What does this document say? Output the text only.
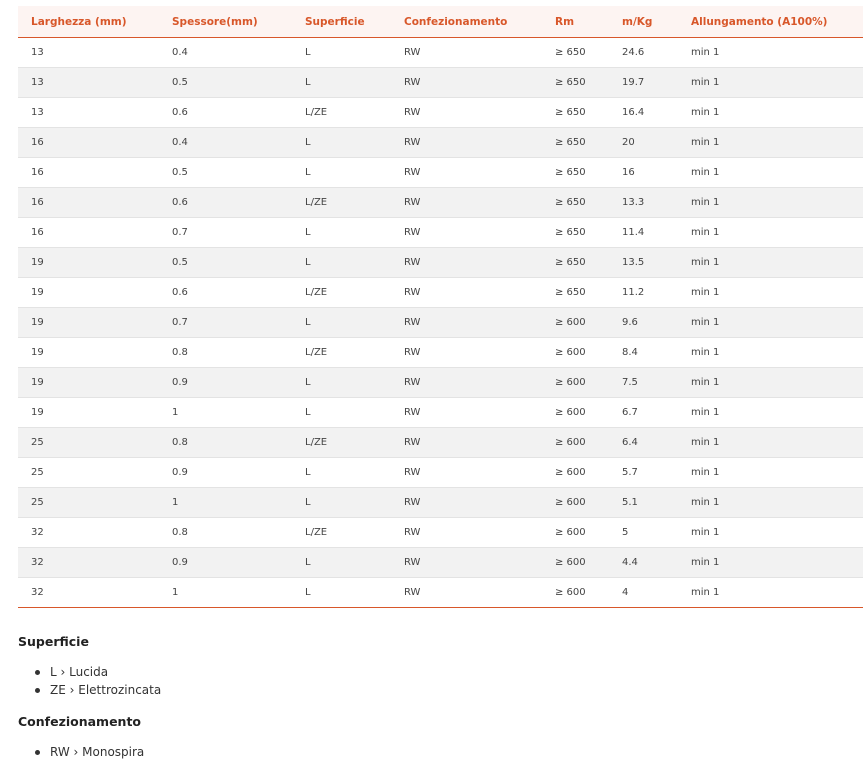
Larghezza (mm)	Spessore(mm)	Superficie	Confezionamento	Rm	m/Kg	Allungamento (A100%)
13	0.4	L	RW	≥ 650	24.6	min 1
13	0.5	L	RW	≥ 650	19.7	min 1
13	0.6	L/ZE	RW	≥ 650	16.4	min 1
16	0.4	L	RW	≥ 650	20	min 1
16	0.5	L	RW	≥ 650	16	min 1
16	0.6	L/ZE	RW	≥ 650	13.3	min 1
16	0.7	L	RW	≥ 650	11.4	min 1
19	0.5	L	RW	≥ 650	13.5	min 1
19	0.6	L/ZE	RW	≥ 650	11.2	min 1
19	0.7	L	RW	≥ 600	9.6	min 1
19	0.8	L/ZE	RW	≥ 600	8.4	min 1
19	0.9	L	RW	≥ 600	7.5	min 1
19	1	L	RW	≥ 600	6.7	min 1
25	0.8	L/ZE	RW	≥ 600	6.4	min 1
25	0.9	L	RW	≥ 600	5.7	min 1
25	1	L	RW	≥ 600	5.1	min 1
32	0.8	L/ZE	RW	≥ 600	5	min 1
32	0.9	L	RW	≥ 600	4.4	min 1
32	1	L	RW	≥ 600	4	min 1
Superficie
L › Lucida
ZE › Elettrozincata
Confezionamento
RW › Monospira
